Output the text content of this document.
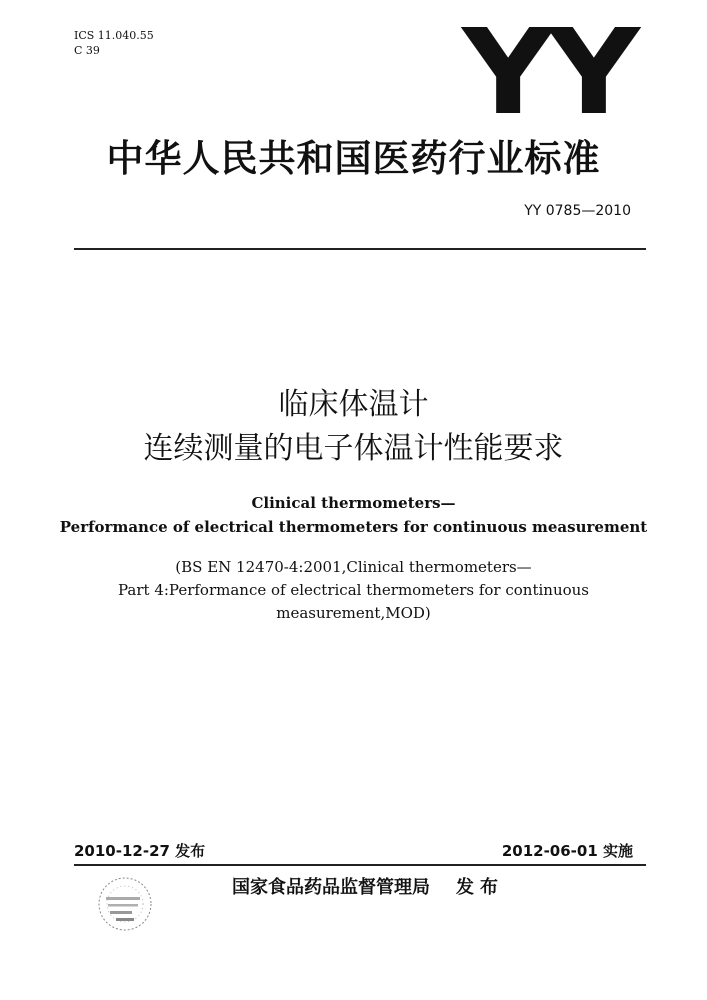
ICS 11.040.55
C 39	YY
中华人民共和国医药行业标准
YY 0785—2010
临床体温计
连续测量的电子体温计性能要求
Clinical thermometers—
Performance of electrical thermometers for continuous measurement
(BS EN 12470-4:2001,Clinical thermometers—
Part 4:Performance of electrical thermometers for continuous
measurement,MOD)
2010-12-27 发布	2012-06-01 实施
国家食品药品监督管理局 发布
